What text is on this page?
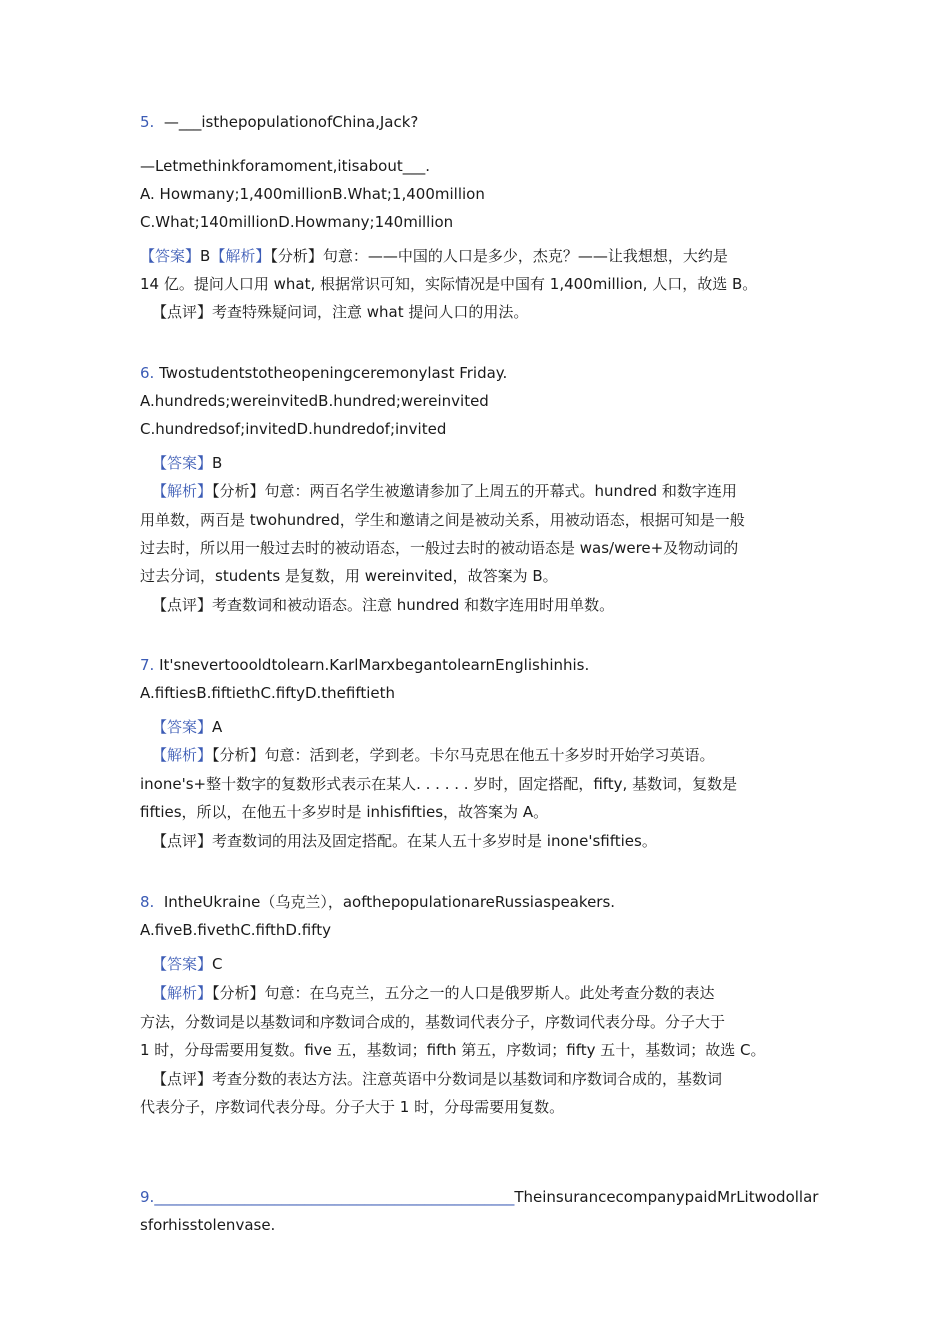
5. —___isthepopulationofChina,Jack?
—Letmethinkforamoment,itisabout___.
A. Howmany;1,400millionB.What;1,400million
C.What;140millionD.Howmany;140million
【答案】B【解析】【分析】句意：——中国的人口是多少，杰克？——让我想想，大约是
14 亿。提问人口用 what, 根据常识可知，实际情况是中国有 1,400million, 人口，故选 B。
【点评】考查特殊疑问词，注意 what 提问人口的用法。
6. Twostudentstotheopeningceremonylast Friday.
A.hundreds;wereinvitedB.hundred;wereinvited
C.hundredsof;invitedD.hundredof;invited
【答案】B
【解析】【分析】句意：两百名学生被邀请参加了上周五的开幕式。hundred 和数字连用
用单数，两百是 twohundred，学生和邀请之间是被动关系，用被动语态，根据可知是一般
过去时，所以用一般过去时的被动语态，一般过去时的被动语态是 was/were+及物动词的
过去分词，students 是复数，用 wereinvited，故答案为 B。
【点评】考查数词和被动语态。注意 hundred 和数字连用时用单数。
7. It'snevertoooldtolearn.KarlMarxbegantolearnEnglishinhis.
A.fiftiesB.fiftiethC.fiftyD.thefiftieth
【答案】A
【解析】【分析】句意：活到老，学到老。卡尔马克思在他五十多岁时开始学习英语。
inone's+整十数字的复数形式表示在某人. . . . . . 岁时，固定搭配，fifty, 基数词，复数是
fifties，所以，在他五十多岁时是 inhisfifties，故答案为 A。
【点评】考查数词的用法及固定搭配。在某人五十多岁时是 inone'sfifties。
8. IntheUkraine（乌克兰），aofthepopulationareRussiaspeakers.
A.fiveB.fivethC.fifthD.fifty
【答案】C
【解析】【分析】句意：在乌克兰，五分之一的人口是俄罗斯人。此处考查分数的表达
方法，分数词是以基数词和序数词合成的，基数词代表分子，序数词代表分母。分子大于
1 时，分母需要用复数。five 五，基数词；fifth 第五，序数词；fifty 五十，基数词；故选 C。
【点评】考查分数的表达方法。注意英语中分数词是以基数词和序数词合成的，基数词
代表分子，序数词代表分母。分子大于 1 时，分母需要用复数。
9.________________________________________________TheinsurancecompanypaidMrLitwodollar
sforhisstolenvase.
